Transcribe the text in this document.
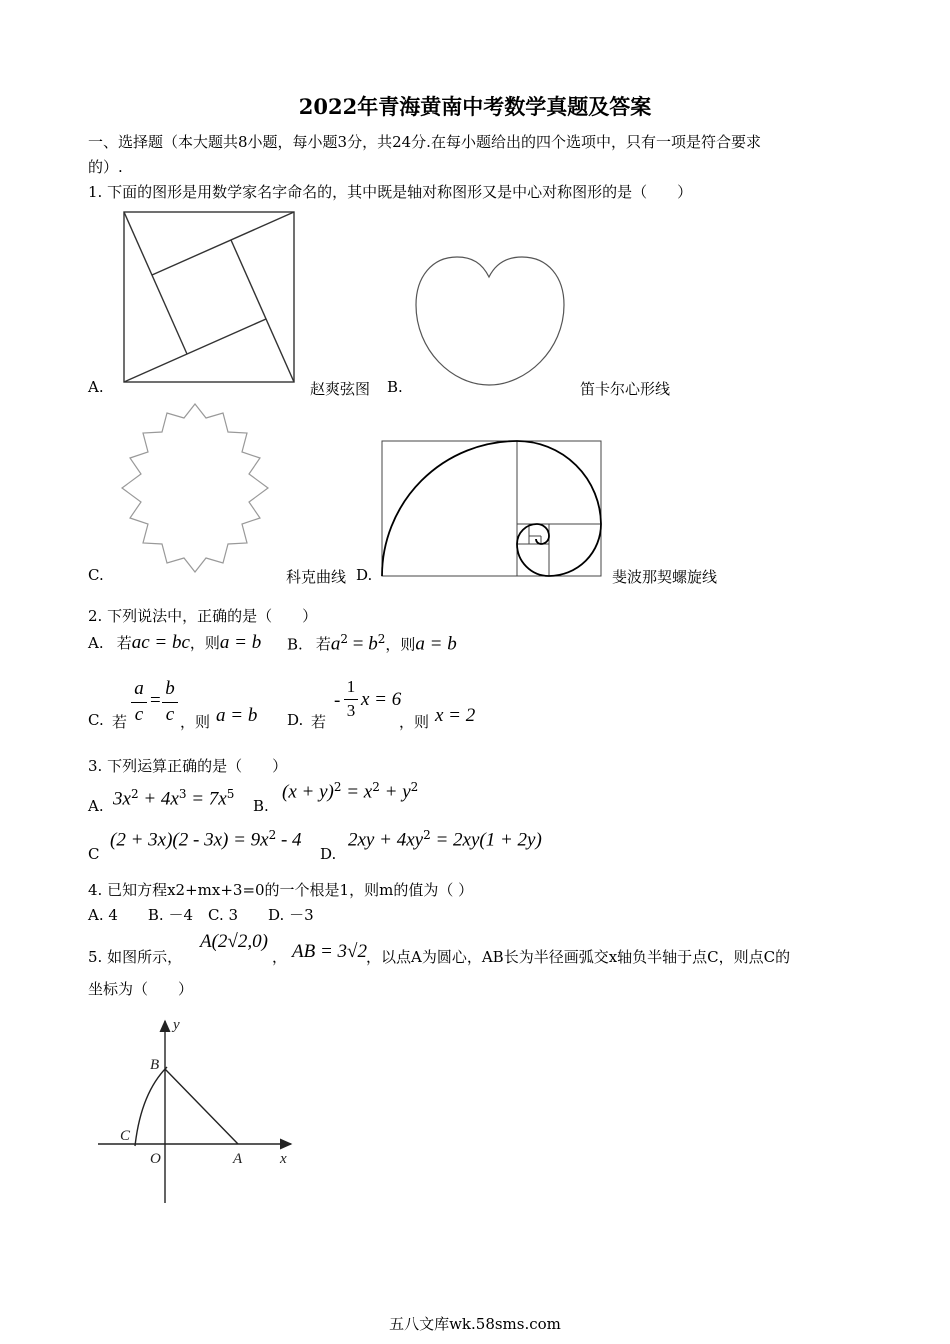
2022年青海黄南中考数学真题及答案
一、选择题（本大题共8小题，每小题3分，共24分.在每小题给出的四个选项中，只有一项是符合要求
的）.
1. 下面的图形是用数学家名字命名的，其中既是轴对称图形又是中心对称图形的是（　　）
A.	赵爽弦图 B.	笛卡尔心形线
C.	科克曲线 D.	斐波那契螺旋线
2. 下列说法中，正确的是（　　）
A. 若ac = bc，则a = b B. 若$a^2 = b^2$，则a = b
C. 若
a
c
=
b
c ，则 a = b D. 若
-
1
3
x = 6
，则 x = 2
3. 下列运算正确的是（　　）
A. $3x^2 + 4x^3 = 7x^5$
B.
$(x + y)^2 = x^2 + y^2$
C
$(2 + 3x)(2 - 3x) = 9x^2 - 4$
D.
$2xy + 4xy^2 = 2xy(1 + 2y)$
4. 已知方程x2+mx+3=0的一个根是1，则m的值为（ ）
A. 4　　B. －4　C. 3　　D. －3
5. 如图所示，
A(2√2,0)
， AB = 3√2 ，以点A为圆心，AB长为半径画弧交x轴负半轴于点C，则点C的
坐标为（　　）
y
B
C
O	A	x
五八文库wk.58sms.com
